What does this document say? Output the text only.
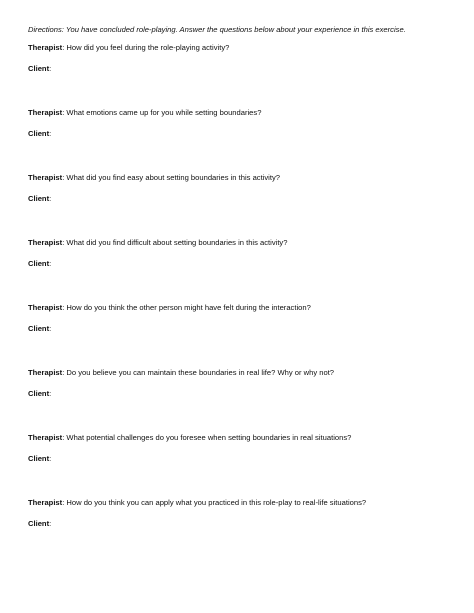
Directions: You have concluded role-playing. Answer the questions below about your experience in this exercise.

Therapist: How did you feel during the role-playing activity?

Client:

Therapist: What emotions came up for you while setting boundaries?

Client:

Therapist: What did you find easy about setting boundaries in this activity?

Client:

Therapist: What did you find difficult about setting boundaries in this activity?

Client:

Therapist: How do you think the other person might have felt during the interaction?

Client:

Therapist: Do you believe you can maintain these boundaries in real life? Why or why not?

Client:

Therapist: What potential challenges do you foresee when setting boundaries in real situations?

Client:

Therapist: How do you think you can apply what you practiced in this role-play to real-life situations?

Client:
